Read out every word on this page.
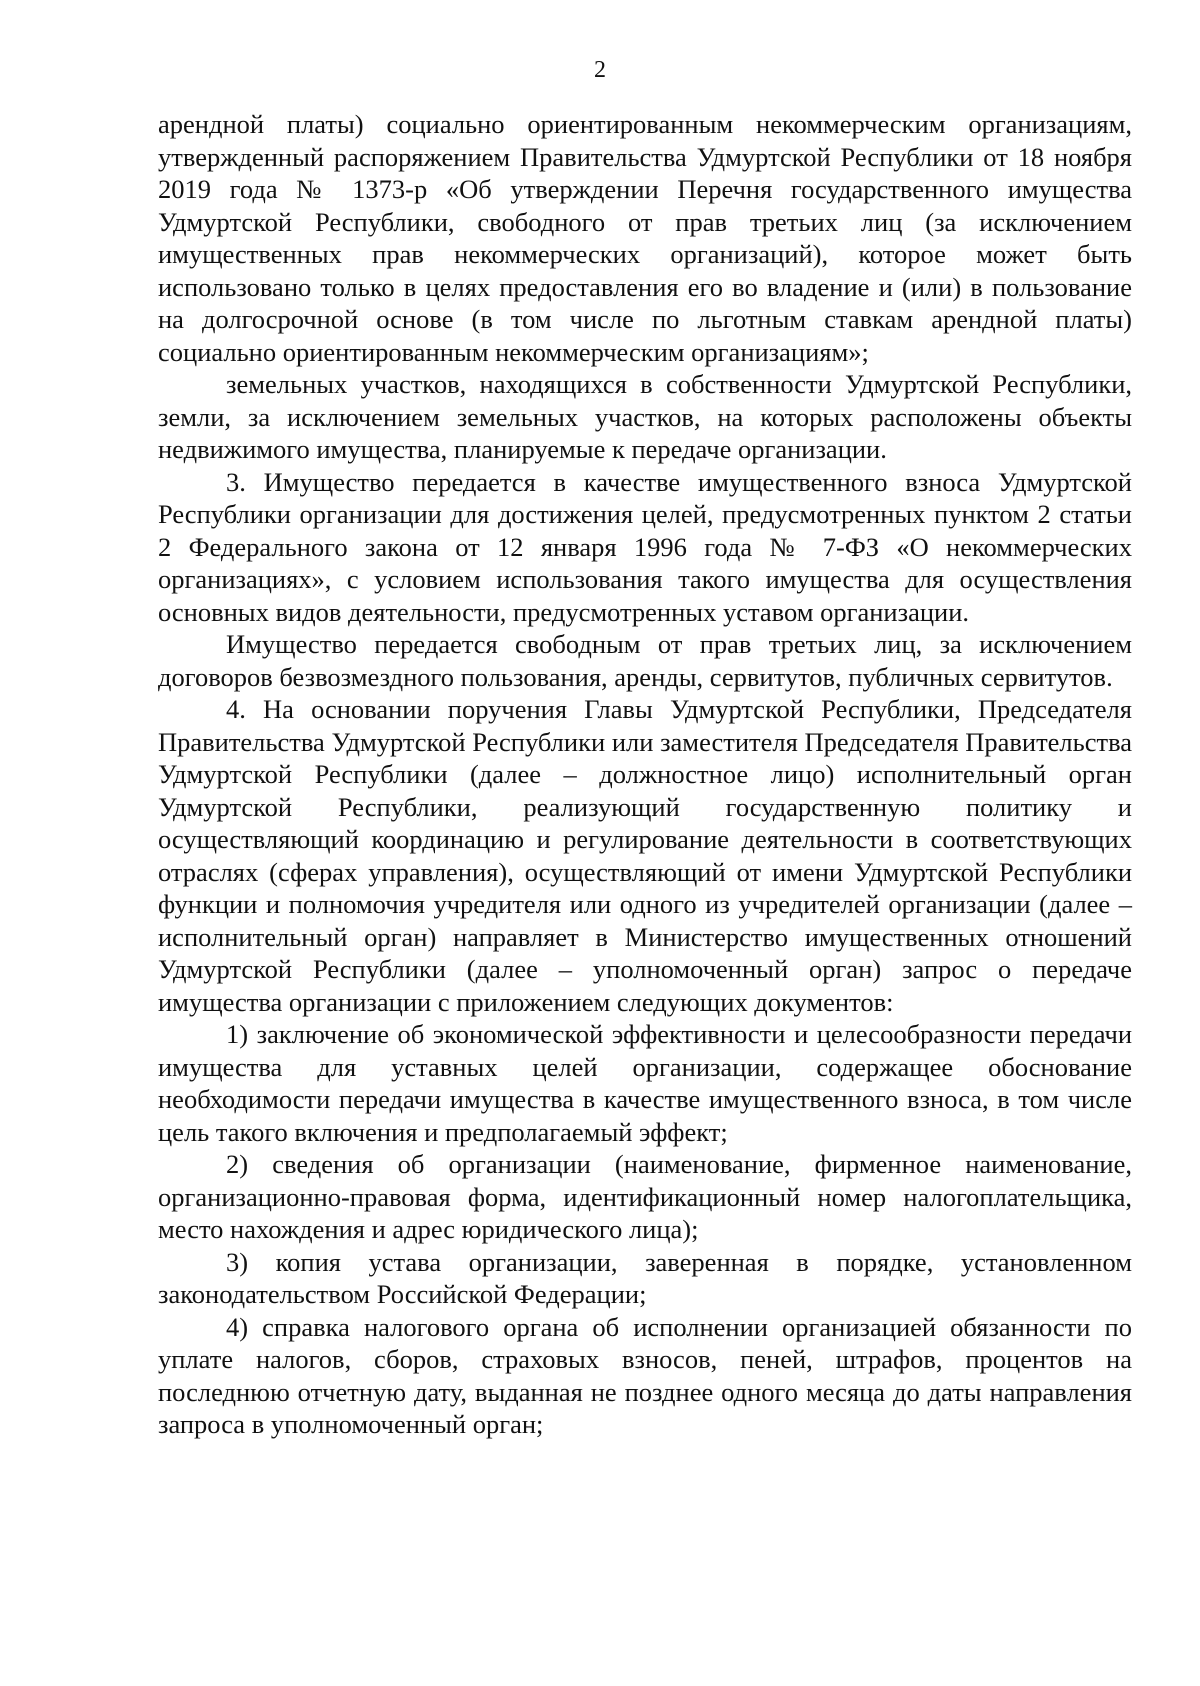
2

арендной платы) социально ориентированным некоммерческим организациям, утвержденный распоряжением Правительства Удмуртской Республики от 18 ноября 2019 года № 1373-р «Об утверждении Перечня государственного имущества Удмуртской Республики, свободного от прав третьих лиц (за исключением имущественных прав некоммерческих организаций), которое может быть использовано только в целях предоставления его во владение и (или) в пользование на долгосрочной основе (в том числе по льготным ставкам арендной платы) социально ориентированным некоммерческим организациям»;

земельных участков, находящихся в собственности Удмуртской Республики, земли, за исключением земельных участков, на которых расположены объекты недвижимого имущества, планируемые к передаче организации.

3. Имущество передается в качестве имущественного взноса Удмуртской Республики организации для достижения целей, предусмотренных пунктом 2 статьи 2 Федерального закона от 12 января 1996 года № 7-ФЗ «О некоммерческих организациях», с условием использования такого имущества для осуществления основных видов деятельности, предусмотренных уставом организации.

Имущество передается свободным от прав третьих лиц, за исключением договоров безвозмездного пользования, аренды, сервитутов, публичных сервитутов.

4. На основании поручения Главы Удмуртской Республики, Председателя Правительства Удмуртской Республики или заместителя Председателя Правительства Удмуртской Республики (далее – должностное лицо) исполнительный орган Удмуртской Республики, реализующий государственную политику и осуществляющий координацию и регулирование деятельности в соответствующих отраслях (сферах управления), осуществляющий от имени Удмуртской Республики функции и полномочия учредителя или одного из учредителей организации (далее – исполнительный орган) направляет в Министерство имущественных отношений Удмуртской Республики (далее – уполномоченный орган) запрос о передаче имущества организации с приложением следующих документов:

1) заключение об экономической эффективности и целесообразности передачи имущества для уставных целей организации, содержащее обоснование необходимости передачи имущества в качестве имущественного взноса, в том числе цель такого включения и предполагаемый эффект;

2) сведения об организации (наименование, фирменное наименование, организационно-правовая форма, идентификационный номер налогоплательщика, место нахождения и адрес юридического лица);

3) копия устава организации, заверенная в порядке, установленном законодательством Российской Федерации;

4) справка налогового органа об исполнении организацией обязанности по уплате налогов, сборов, страховых взносов, пеней, штрафов, процентов на последнюю отчетную дату, выданная не позднее одного месяца до даты направления запроса в уполномоченный орган;
